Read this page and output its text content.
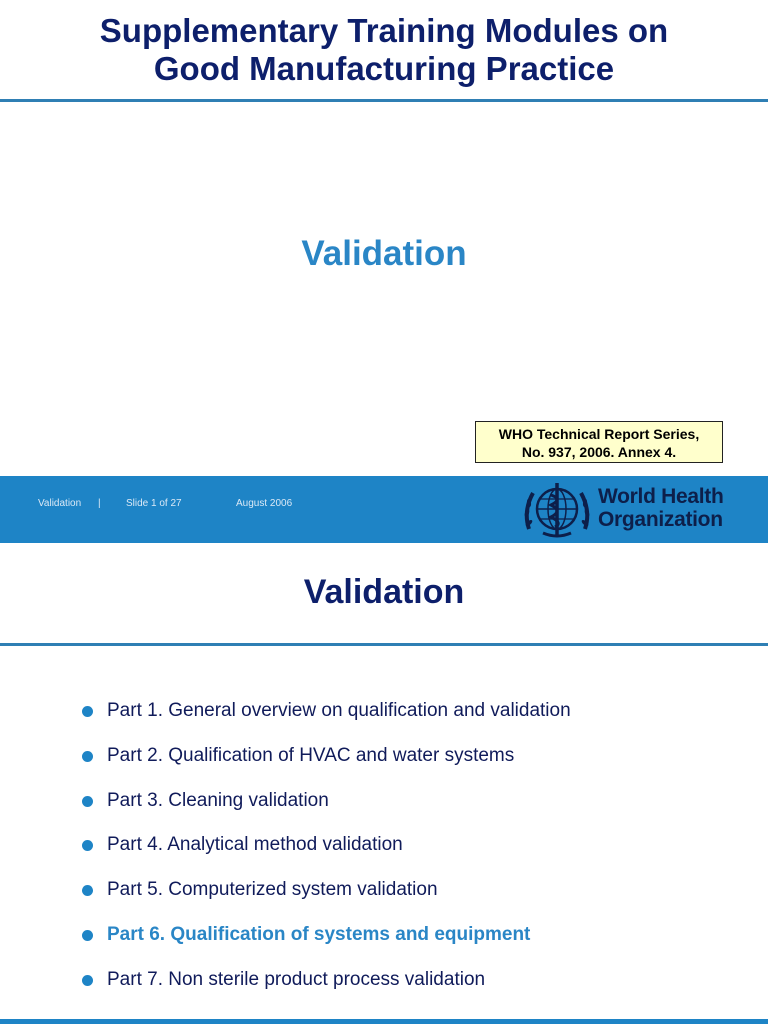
Supplementary Training Modules on
Good Manufacturing Practice
Validation
WHO Technical Report Series,
No. 937, 2006. Annex 4.
Validation |	Slide 1 of 27	August 2006	World Health
Organization
Validation
Part 1. General overview on qualification and validation
Part 2. Qualification of HVAC and water systems
Part 3. Cleaning validation
Part 4. Analytical method validation
Part 5. Computerized system validation
Part 6. Qualification of systems and equipment
Part 7. Non sterile product process validation
